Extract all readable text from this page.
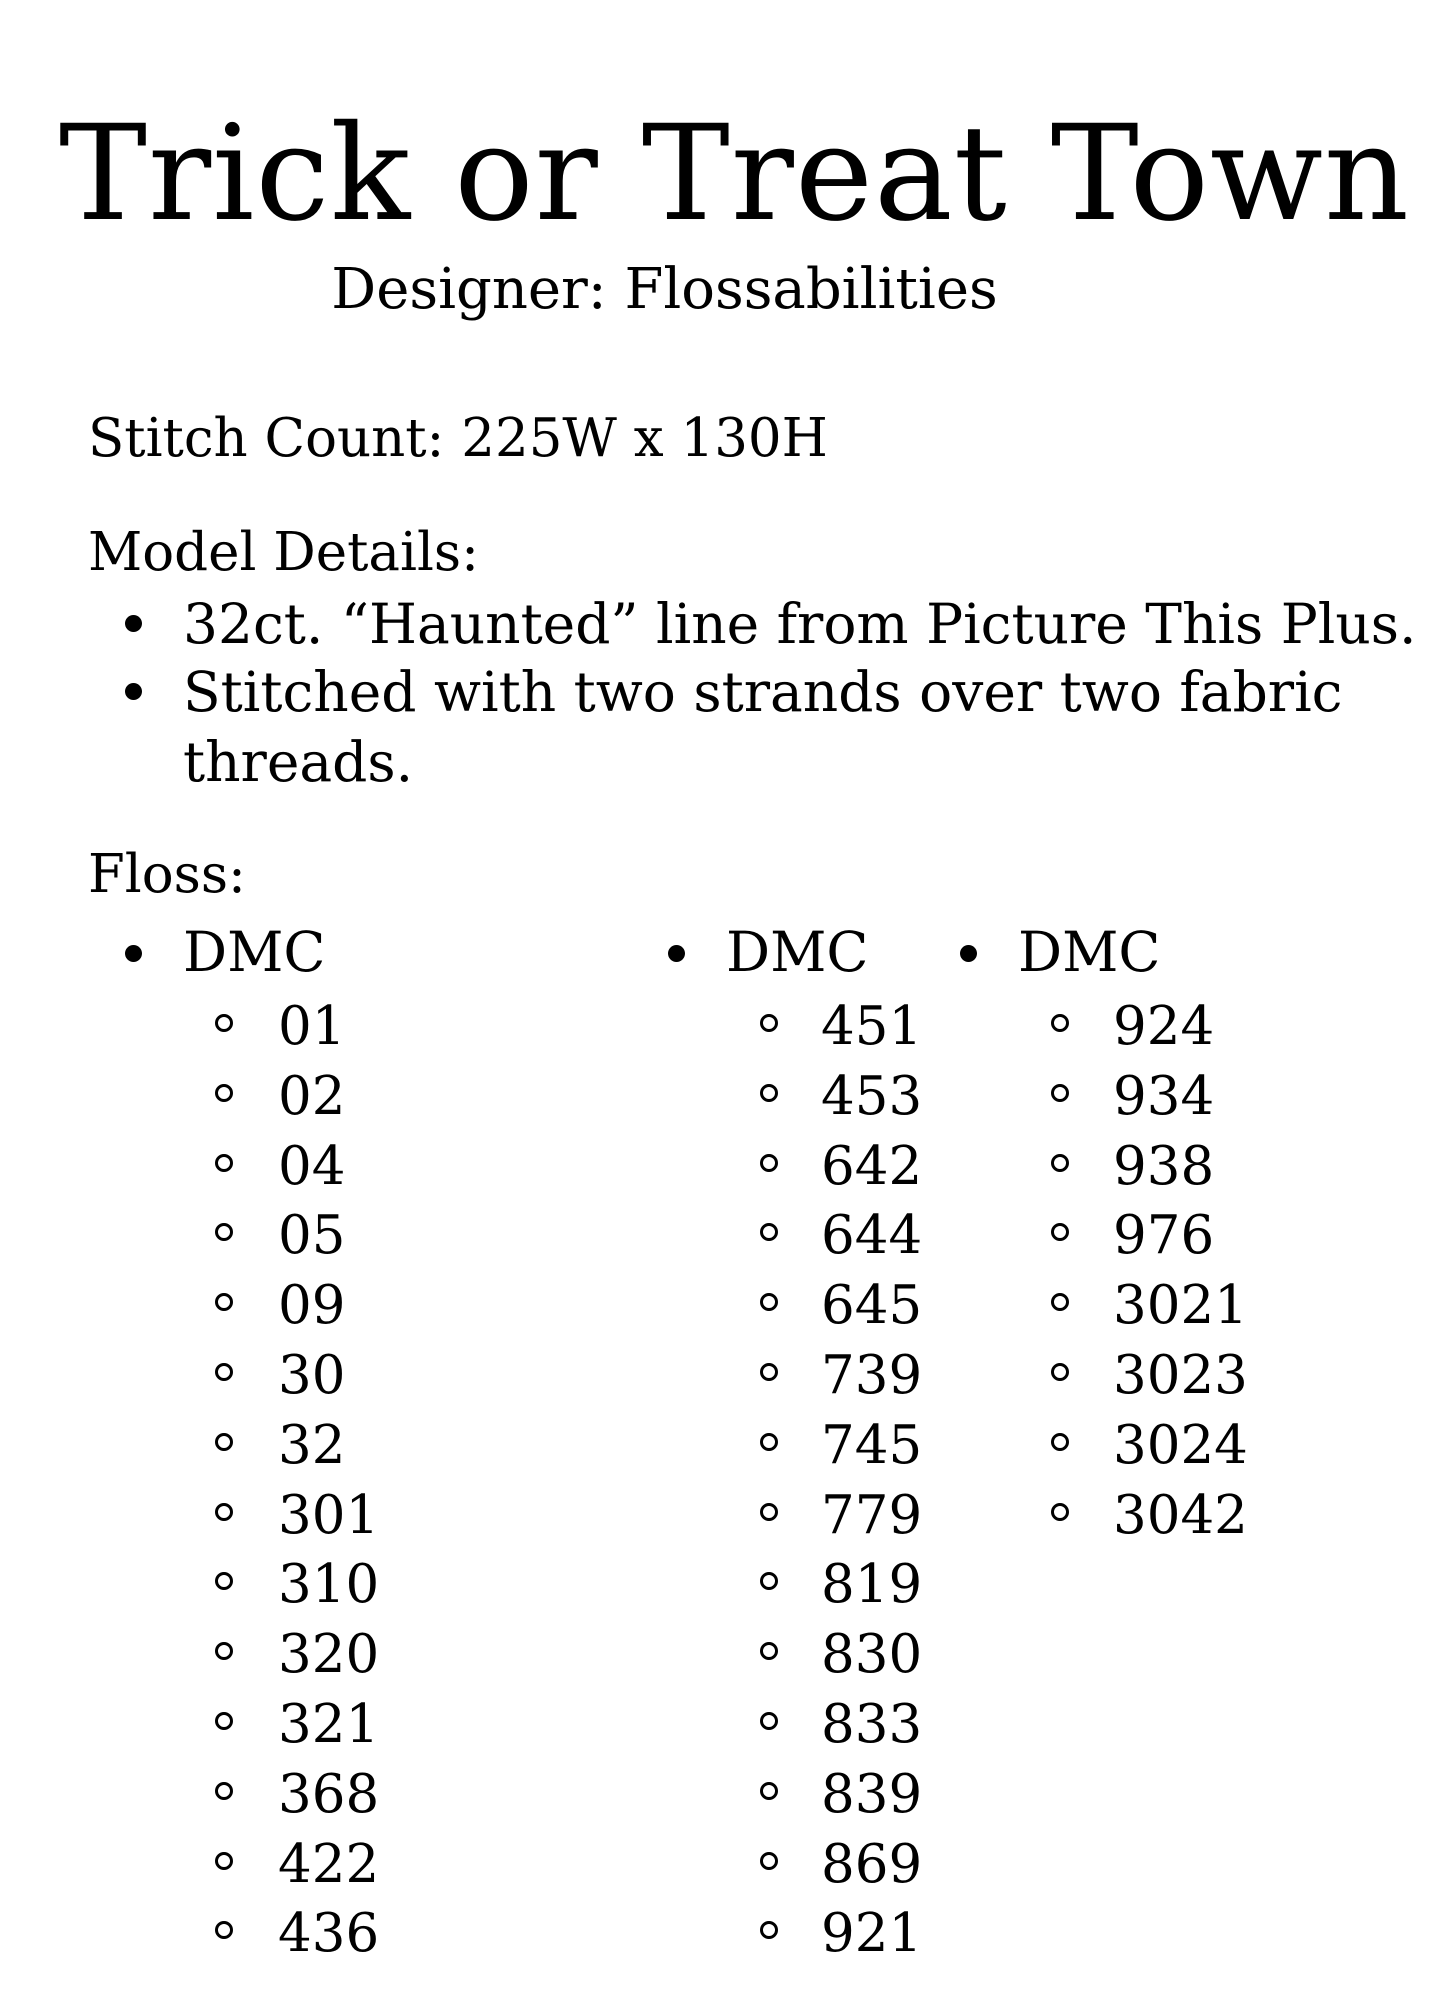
Trick or Treat Town
Designer: Flossabilities
Stitch Count: 225W x 130H
Model Details:
32ct. “Haunted” line from Picture This Plus.
Stitched with two strands over two fabric
threads.
Floss:
DMC
01
02
04
05
09
30
32
301
310
320
321
368
422
436
DMC
451
453
642
644
645
739
745
779
819
830
833
839
869
921
DMC
924
934
938
976
3021
3023
3024
3042
